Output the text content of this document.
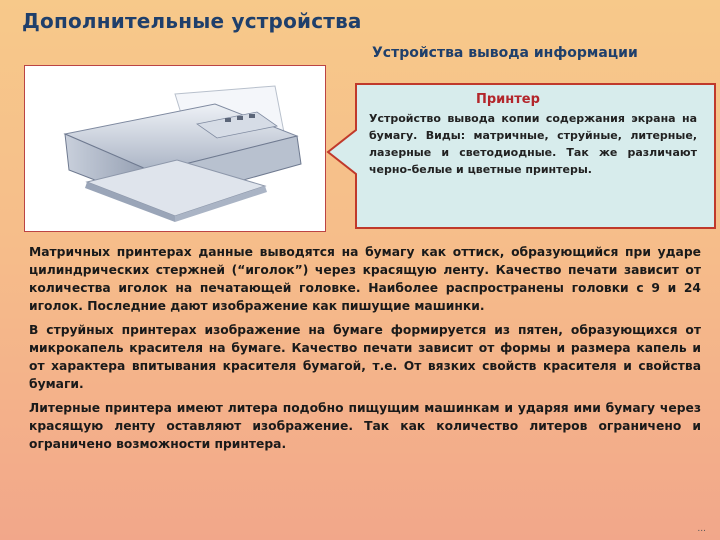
Дополнительные устройства
Устройства вывода информации
Принтер
Устройство вывода копии содержания экрана на бумагу. Виды: матричные, струйные, литерные, лазерные и светодиодные. Так же различают черно-белые и цветные принтеры.

Матричных принтерах данные выводятся на бумагу как оттиск, образующийся при ударе цилиндрических стержней (“иголок”) через красящую ленту. Качество печати зависит от количества иголок на печатающей головке. Наиболее распространены головки с 9 и 24 иголок. Последние дают изображение как пишущие машинки.

В струйных принтерах изображение на бумаге формируется из пятен, образующихся от микрокапель красителя на бумаге. Качество печати зависит от формы и размера капель и от характера впитывания красителя бумагой, т.е. От вязких свойств красителя и свойства бумаги.

Литерные принтера имеют литера подобно пищущим машинкам и ударяя ими бумагу через красящую ленту оставляют изображение. Так как количество литеров ограничено и ограничено возможности принтера.

...
